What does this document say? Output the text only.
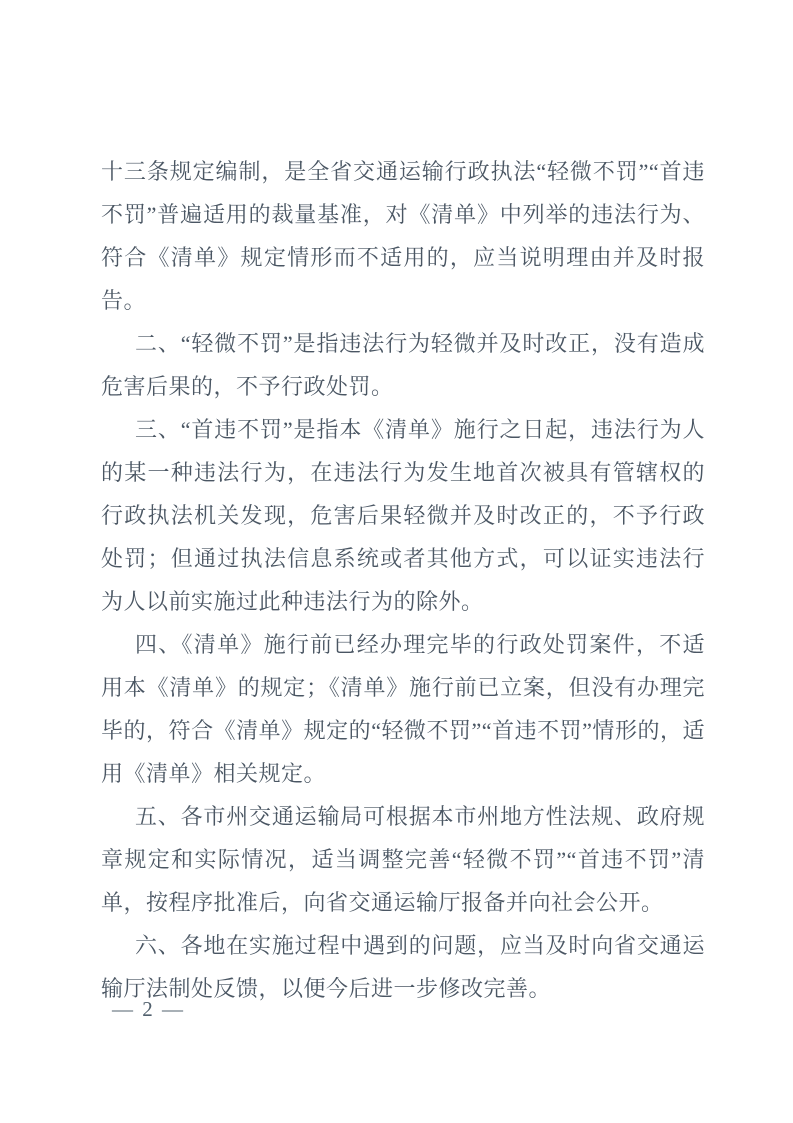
十三条规定编制，是全省交通运输行政执法“轻微不罚”“首违不罚”普遍适用的裁量基准，对《清单》中列举的违法行为、符合《清单》规定情形而不适用的，应当说明理由并及时报告。

二、“轻微不罚”是指违法行为轻微并及时改正，没有造成危害后果的，不予行政处罚。

三、“首违不罚”是指本《清单》施行之日起，违法行为人的某一种违法行为，在违法行为发生地首次被具有管辖权的行政执法机关发现，危害后果轻微并及时改正的，不予行政处罚；但通过执法信息系统或者其他方式，可以证实违法行为人以前实施过此种违法行为的除外。

四、《清单》施行前已经办理完毕的行政处罚案件，不适用本《清单》的规定；《清单》施行前已立案，但没有办理完毕的，符合《清单》规定的“轻微不罚”“首违不罚”情形的，适用《清单》相关规定。

五、各市州交通运输局可根据本市州地方性法规、政府规章规定和实际情况，适当调整完善“轻微不罚”“首违不罚”清单，按程序批准后，向省交通运输厅报备并向社会公开。

六、各地在实施过程中遇到的问题，应当及时向省交通运输厅法制处反馈，以便今后进一步修改完善。

— 2 —
